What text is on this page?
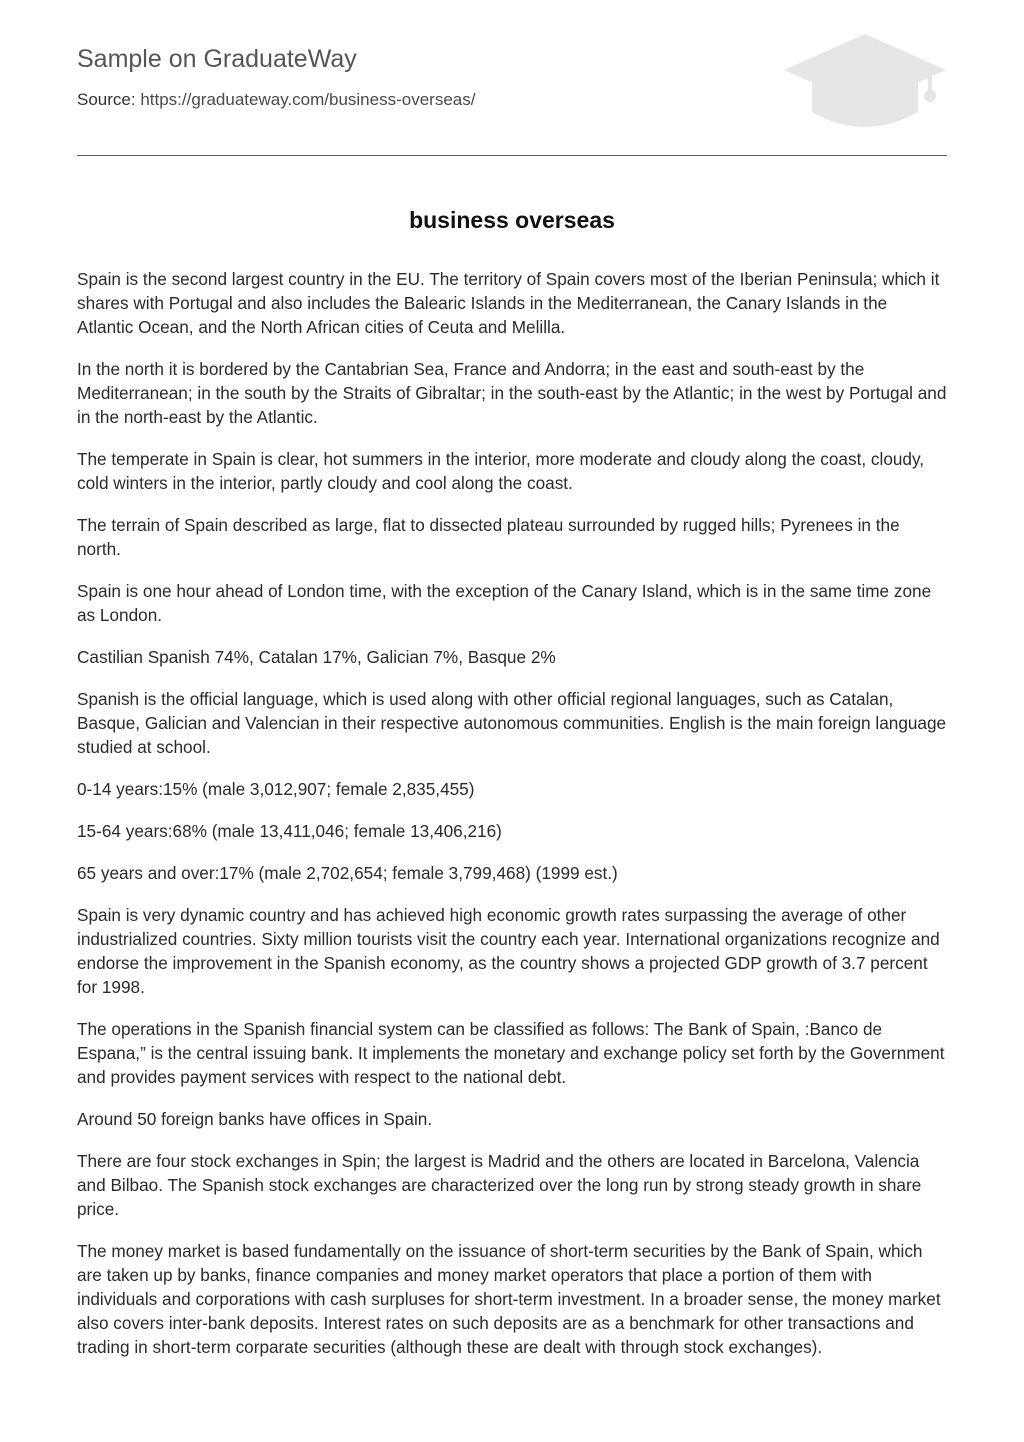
Sample on GraduateWay
Source: https://graduateway.com/business-overseas/
business overseas

Spain is the second largest country in the EU. The territory of Spain covers most of the Iberian Peninsula; which it shares with Portugal and also includes the Balearic Islands in the Mediterranean, the Canary Islands in the Atlantic Ocean, and the North African cities of Ceuta and Melilla.

In the north it is bordered by the Cantabrian Sea, France and Andorra; in the east and south-east by the Mediterranean; in the south by the Straits of Gibraltar; in the south-east by the Atlantic; in the west by Portugal and in the north-east by the Atlantic.

The temperate in Spain is clear, hot summers in the interior, more moderate and cloudy along the coast, cloudy, cold winters in the interior, partly cloudy and cool along the coast.

The terrain of Spain described as large, flat to dissected plateau surrounded by rugged hills; Pyrenees in the north.

Spain is one hour ahead of London time, with the exception of the Canary Island, which is in the same time zone as London.

Castilian Spanish 74%, Catalan 17%, Galician 7%, Basque 2%

Spanish is the official language, which is used along with other official regional languages, such as Catalan, Basque, Galician and Valencian in their respective autonomous communities. English is the main foreign language studied at school.

0-14 years:15% (male 3,012,907; female 2,835,455)

15-64 years:68% (male 13,411,046; female 13,406,216)

65 years and over:17% (male 2,702,654; female 3,799,468) (1999 est.)

Spain is very dynamic country and has achieved high economic growth rates surpassing the average of other industrialized countries. Sixty million tourists visit the country each year. International organizations recognize and endorse the improvement in the Spanish economy, as the country shows a projected GDP growth of 3.7 percent for 1998.

The operations in the Spanish financial system can be classified as follows: The Bank of Spain, :Banco de Espana,” is the central issuing bank. It implements the monetary and exchange policy set forth by the Government and provides payment services with respect to the national debt.

Around 50 foreign banks have offices in Spain.

There are four stock exchanges in Spin; the largest is Madrid and the others are located in Barcelona, Valencia and Bilbao. The Spanish stock exchanges are characterized over the long run by strong steady growth in share price.

The money market is based fundamentally on the issuance of short-term securities by the Bank of Spain, which are taken up by banks, finance companies and money market operators that place a portion of them with individuals and corporations with cash surpluses for short-term investment. In a broader sense, the money market also covers inter-bank deposits. Interest rates on such deposits are as a benchmark for other transactions and trading in short-term corparate securities (although these are dealt with through stock exchanges).
